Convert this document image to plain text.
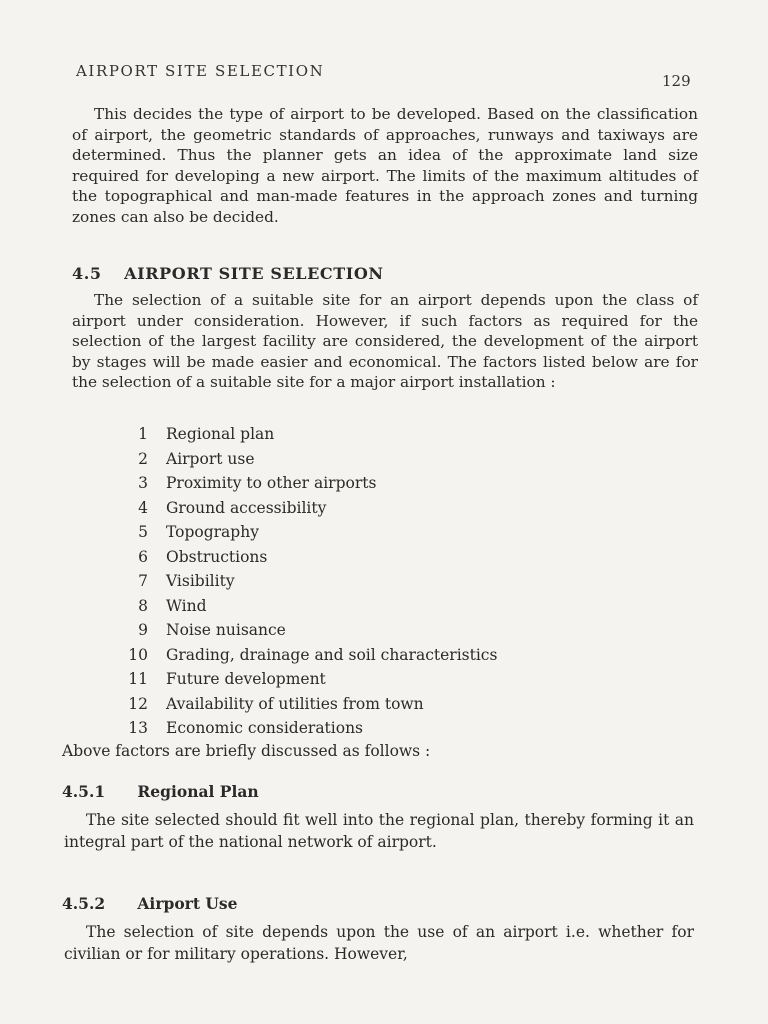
AIRPORT SITE SELECTION
129

This decides the type of airport to be developed. Based on the classification of airport, the geometric standards of approaches, runways and taxiways are determined. Thus the planner gets an idea of the approximate land size required for developing a new airport. The limits of the maximum altitudes of the topographical and man-made features in the approach zones and turning zones can also be decided.

4.5 AIRPORT SITE SELECTION

The selection of a suitable site for an airport depends upon the class of airport under consideration. However, if such factors as required for the selection of the largest facility are considered, the development of the airport by stages will be made easier and economical. The factors listed below are for the selection of a suitable site for a major airport installation :

1 Regional plan
2 Airport use
3 Proximity to other airports
4 Ground accessibility
5 Topography
6 Obstructions
7 Visibility
8 Wind
9 Noise nuisance
10 Grading, drainage and soil characteristics
11 Future development
12 Availability of utilities from town
13 Economic considerations

Above factors are briefly discussed as follows :

4.5.1 Regional Plan

The site selected should fit well into the regional plan, thereby forming it an integral part of the national network of airport.

4.5.2 Airport Use

The selection of site depends upon the use of an airport i.e. whether for civilian or for military operations. However,
